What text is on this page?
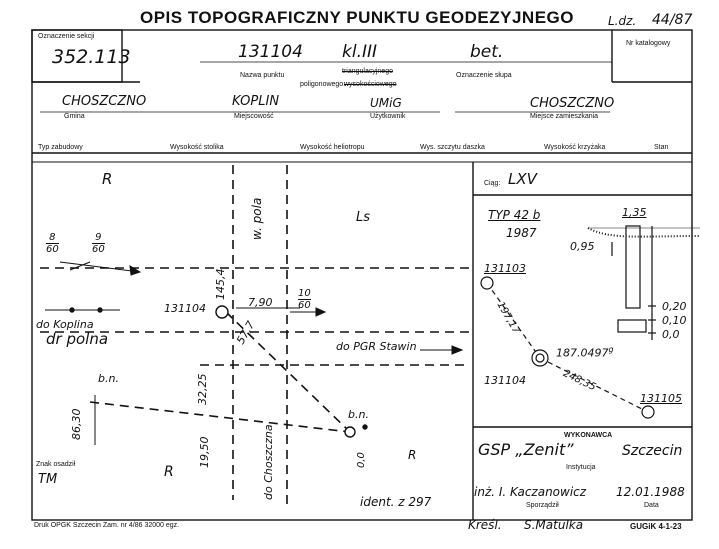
OPIS TOPOGRAFICZNY PUNKTU GEODEZYJNEGO	L.dz. 44/87
Oznaczenie sekcji
352.113	131104 kl.III	bet.	Nr katalogowy
Nazwa punktu
triangulacyjnego
poligonowego:
wysokościowego
Oznaczenie słupa
CHOSZCZNO
Gmina
KOPLIN
Miejscowość
UMiG
Użytkownik
CHOSZCZNO
Miejsce zamieszkania
Typ zabudowy	Wysokość stolika	Wysokość heliotropu	Wys. szczytu daszka	Wysokość krzyżaka	Stan
R
Ls
w. pola
$\frac{8}{60}$	$\frac{9}{60}$
$\frac{10}{60}$
7,90
131104
145,4
57,7
do Koplina
dr polna	do PGR Stawin
b.n.
86,30
32,25
19,50
b.n.
0,0
do Choszczna
R
R
Znak osadził
TM
ident. z 297
Druk OPGK Szczecin Zam. nr 4/86 32000 egz.
Ciąg: LXV
TYP 42 b
1987
1,35
0,95
0,20
0,10
0,0
131103
197,17
187.0497$^g$
131104	248,35
131105
WYKONAWCA
GSP „Zenit”	Szczecin
Instytucja
inż. I. Kaczanowicz 12.01.1988
Sporządził	Data
Kreśl. S.Matulka	GUGiK 4-1-23
